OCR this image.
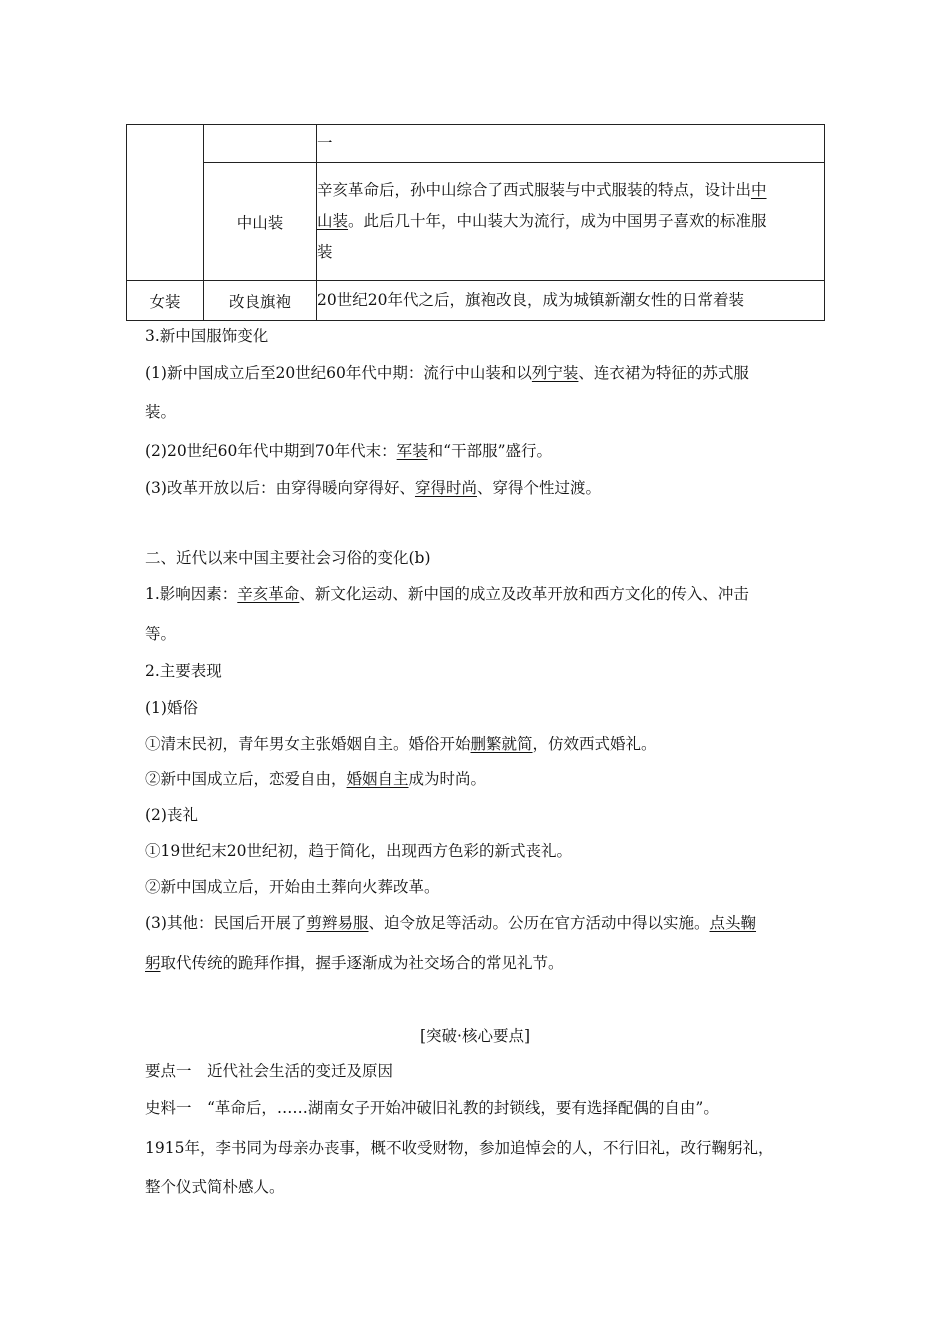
		一
	中山装	辛亥革命后，孙中山综合了西式服装与中式服装的特点，设计出中
山装。此后几十年，中山装大为流行，成为中国男子喜欢的标准服
装
女装	改良旗袍	20世纪20年代之后，旗袍改良，成为城镇新潮女性的日常着装
3.新中国服饰变化
(1)新中国成立后至20世纪60年代中期：流行中山装和以列宁装、连衣裙为特征的苏式服
装。
(2)20世纪60年代中期到70年代末：军装和“干部服”盛行。
(3)改革开放以后：由穿得暖向穿得好、穿得时尚、穿得个性过渡。
二、近代以来中国主要社会习俗的变化(b)
1.影响因素：辛亥革命、新文化运动、新中国的成立及改革开放和西方文化的传入、冲击
等。
2.主要表现
(1)婚俗
①清末民初，青年男女主张婚姻自主。婚俗开始删繁就简，仿效西式婚礼。
②新中国成立后，恋爱自由，婚姻自主成为时尚。
(2)丧礼
①19世纪末20世纪初，趋于简化，出现西方色彩的新式丧礼。
②新中国成立后，开始由土葬向火葬改革。
(3)其他：民国后开展了剪辫易服、迫令放足等活动。公历在官方活动中得以实施。点头鞠
躬取代传统的跪拜作揖，握手逐渐成为社交场合的常见礼节。
[突破·核心要点]
要点一　近代社会生活的变迁及原因
史料一　“革命后，……湖南女子开始冲破旧礼教的封锁线，要有选择配偶的自由”。
1915年，李书同为母亲办丧事，概不收受财物，参加追悼会的人，不行旧礼，改行鞠躬礼，
整个仪式简朴感人。
